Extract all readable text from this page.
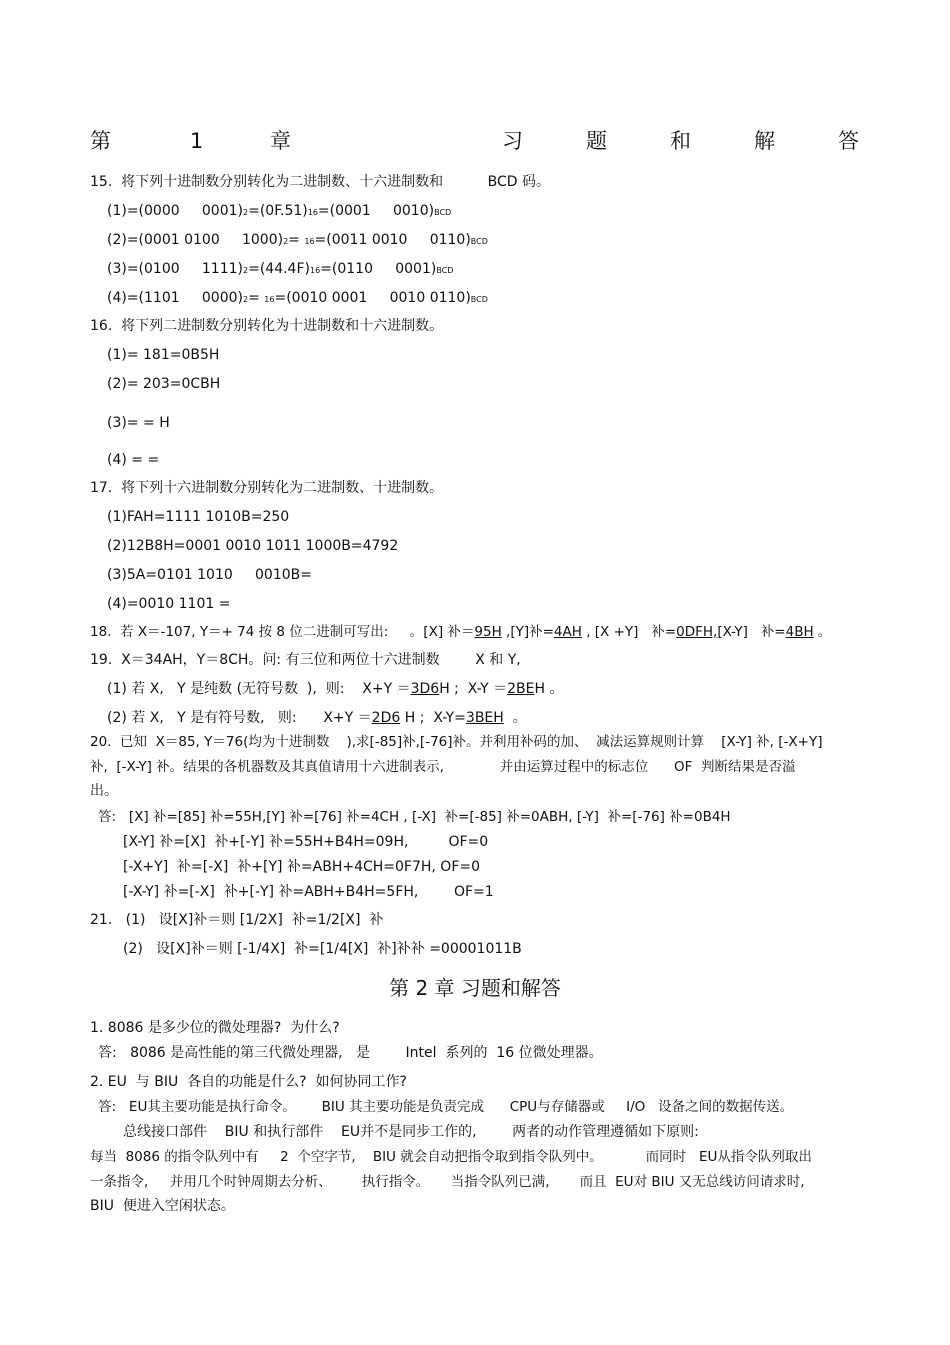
第	1	章	习	题	和	解	答
15.  将下列十进制数分别转化为二进制数、十六进制数和          BCD 码。
(1)=(0000     0001)2=(0F.51)16=(0001     0010)BCD
(2)=(0001 0100     1000)2= 16=(0011 0010     0110)BCD
(3)=(0100     1111)2=(44.4F)16=(0110     0001)BCD
(4)=(1101     0000)2= 16=(0010 0001     0010 0110)BCD
16.  将下列二进制数分别转化为十进制数和十六进制数。
(1)= 181=0B5H
(2)= 203=0CBH
(3)= = H
(4) = =
17.  将下列十六进制数分别转化为二进制数、十进制数。
(1)FAH=1111 1010B=250
(2)12B8H=0001 0010 1011 1000B=4792
(3)5A=0101 1010     0010B=
(4)=0010 1101 =
18.  若 X＝-107, Y＝+ 74 按 8 位二进制可写出:     。[X] 补＝95H ,[Y]补=4AH , [X +Y]   补=0DFH,[X-Y]   补=4BH 。
19.  X＝34AH，Y＝8CH。问: 有三位和两位十六进制数        X 和 Y,
(1) 若 X,   Y 是纯数 (无符号数  ),  则:    X+Y ＝3D6H ;  X-Y ＝2BEH 。
(2) 若 X,   Y 是有符号数,   则:      X+Y ＝2D6 H ;  X-Y=3BEH  。
20.  已知  X＝85, Y＝76(均为十进制数    ),求[-85]补,[-76]补。并利用补码的加、  减法运算规则计算    [X-Y] 补, [-X+Y]
补,  [-X-Y] 补。结果的各机器数及其真值请用十六进制表示,             并由运算过程中的标志位      OF  判断结果是否溢
出。
答:   [X] 补=[85] 补=55H,[Y] 补=[76] 补=4CH , [-X]  补=[-85] 补=0ABH, [-Y]  补=[-76] 补=0B4H
[X-Y] 补=[X]  补+[-Y] 补=55H+B4H=09H,         OF=0
[-X+Y]  补=[-X]  补+[Y] 补=ABH+4CH=0F7H, OF=0
[-X-Y] 补=[-X]  补+[-Y] 补=ABH+B4H=5FH,        OF=1
21.   (1)   设[X]补＝则 [1/2X]  补=1/2[X]  补
(2)   设[X]补＝则 [-1/4X]  补=[1/4[X]  补]补补 =00001011B
第 2 章 习题和解答
1. 8086 是多少位的微处理器?  为什么?
答:   8086 是高性能的第三代微处理器,   是        Intel  系列的  16 位微处理器。
2. EU  与 BIU  各自的功能是什么?  如何协同工作?
答:   EU其主要功能是执行命令。      BIU 其主要功能是负责完成      CPU与存储器或     I/O   设备之间的数据传送。
总线接口部件    BIU 和执行部件    EU并不是同步工作的,        两者的动作管理遵循如下原则:
每当  8086 的指令队列中有     2  个空字节,    BIU 就会自动把指令取到指令队列中。          而同时   EU从指令队列取出
一条指令,     并用几个时钟周期去分析、       执行指令。     当指令队列已满,       而且  EU对 BIU 又无总线访问请求时,
BIU  便进入空闲状态。
